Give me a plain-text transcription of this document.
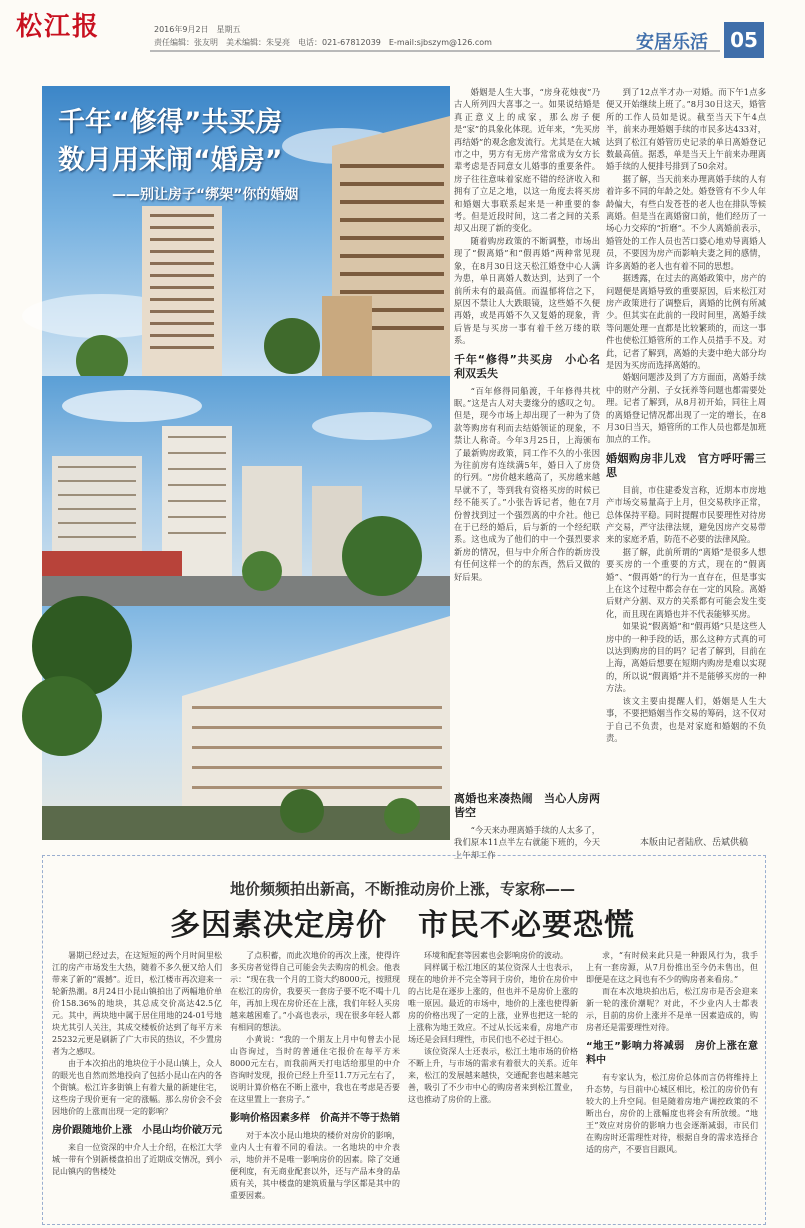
松江报	2016年9月2日　星期五
责任编辑：张友明　美术编辑：朱旻亮　电话：021-67812039　E-mail:sjbszym@126.com	安居乐活	05
千年“修得”共买房
数月用来闹“婚房”
——别让房子“绑架”你的婚姻

婚姻是人生大事，“房身花烛夜”乃古人所列四大喜事之一。如果说结婚是真正意义上的成家，那么房子便是“家”的具象化体现。近年来，“先买房再结婚”的观念愈发流行。尤其是在大城市之中，男方有无房产常常成为女方长辈考虑是否同意女儿婚事的重要条件。房子往往意味着家庭不错的经济收入和拥有了立足之地，以这一角度去将买房和婚姻大事联系起来是一种重要的参考。但是近段时间，这二者之间的关系却又出现了新的变化。

随着购房政策的不断调整，市场出现了“假离婚”和“假再婚”两种常见现象，在8月30日这天松江婚登中心人满为患，单日离婚人数达到，达到了一个前所未有的最高值。而温郁将信之下，原因不禁让人大跌眼镜，这些婚不久便再婚，或是再婚不久又复婚的现象，背后皆是与买房一事有着千丝万缕的联系。

千年“修得”共买房　小心名利双丢失

“百年修得同船渡，千年修得共枕眠。”这是古人对夫妻缘分的感叹之句。但是，现今市场上却出现了一种为了贷款等购房有利而去结婚领证的现象，不禁让人称奇。今年3月25日，上海颁布了最新购房政策，同工作不久的小张因为往前房有连续满5年，婚日入了房贷的行列。“房价越来越高了，买房越来越早就不了，等到我有资格买房的时候已经不能买了。”小张告诉记者，他在7月份曾找到过一个强烈离的中介社。他已在于已经的婚后，后与新的一个经纪联系。这也成为了他们的中一个强烈要求新房的情况，但与中介所合作的新房没有任何这样一个的的东西，然后又做的好后果。

到了12点半才办一对婚。而下午1点多便又开始继续上班了。”8月30日这天，婚管所的工作人员如是说。截至当天下午4点半，前来办理婚姻手续的市民多达433对，达到了松江有婚管历史记录的单日离婚登记数最高值。据悉，单是当天上午前来办理离婚手续的人便排号排到了50余对。

据了解，当天前来办理离婚手续的人有着许多不同的年龄之处。婚登管有不少人年龄偏大，有些白发苍苍的老人也在排队等候离婚。但是当在离婚窗口前，他们经历了一场心力交瘁的“折磨”。不少人离婚前表示，婚管处的工作人员也苦口婆心地劝导离婚人员，不要因为房产而影响夫妻之间的感情，许多离婚的老人也有着不同的思想。

据透露，在过去的离婚政策中，房产的问题便是离婚导致的重要原因，后来松江对房产政策进行了调整后，离婚的比例有所减少。但其实在此前的一段时间里，离婚手续等问题处理一直都是比较繁琐的，而这一事件也使松江婚管所的工作人员措手不及。对此，记者了解到，离婚的夫妻中绝大部分均是因为买房而选择离婚的。

婚姻问题涉及到了方方面面，离婚手续中的财产分割、子女抚养等问题也都需要处理。记者了解到，从8月初开始，同往上周的离婚登记情况都出现了一定的增长，在8月30日当天，婚管所的工作人员也都是加班加点的工作。

婚姻购房非儿戏　官方呼吁需三思

目前，市住建委发言称，近期本市房地产市场交易量高于上月，但交易秩序正常，总体保持平稳。同时提醒市民要理性对待房产交易，严守法律法规，避免因房产交易带来的家庭矛盾，防范不必要的法律风险。

据了解，此前所谓的“离婚”是很多人想要买房的一个重要的方式，现在的“假离婚”、“假再婚”的行为一直存在，但是事实上在这个过程中都会存在一定的风险。离婚后财产分割、双方的关系都有可能会发生变化，而且现在离婚也并不代表能够买房。

如果说“假离婚”和“假再婚”只是这些人房中的一种手段的话，那么这种方式真的可以达到购房的目的吗？记者了解到，目前在上海，离婚后想要在短期内购房是难以实现的，所以说“假离婚”并不是能够买房的一种方法。

该文主要由提醒人们，婚姻是人生大事，不要把婚姻当作交易的筹码，这不仅对于自己不负责，也是对家庭和婚姻的不负责。

离婚也来凑热闹　当心人房两皆空

“今天来办理离婚手续的人太多了，我们原本11点半左右就能下班的，今天上午却工作

本版由记者陆欣、岳斌供稿
地价频频拍出新高，不断推动房价上涨，专家称——
多因素决定房价　市民不必要恐慌

暑期已经过去，在这短短的两个月时间里松江的房产市场发生大热，随着不多久便又给人们带来了新的“震撼”。近日，松江楼市再次迎来一轮新热潮。8月24日小昆山镇拍出了两幅地价单价158.36%的地块，其总成交价高达42.5亿元。其中，两块地中属于居住用地的24-01号地块尤其引人关注，其成交楼板价达到了每平方米25232元更是刷新了广大市民的热议，不少置房者为之感叹。

由于本次拍出的地块位于小昆山镇上，众人的眼光也自然而然地投向了包括小昆山在内的各个街镇。松江许多街镇上有着大量的新建住宅，这些房子现价更有一定的涨幅。那么房价会不会因地价的上涨而出现一定的影响？

房价跟随地价上涨　小昆山均价破万元

来自一位资深的中介人士介绍，在松江大学城一带有个别新楼盘拍出了近期成交情况，到小昆山镇内的售楼处

了点积蓄，而此次地价的再次上涨，使得许多买房者觉得自己可能会失去购房的机会。他表示：“现在我一个月的工资大约8000元，按照现在松江的房价，我要买一套房子要不吃不喝十几年，再加上现在房价还在上涨，我们年轻人买房越来越困难了。”小高也表示，现在很多年轻人都有相同的想法。

小黄说：“我的一个朋友上月中旬曾去小昆山咨询过，当时的普通住宅报价在每平方米8000元左右，而我前两天打电话给那里的中介咨询时发现，报价已经上升至11.7万元左右了，说明计算价格在不断上涨中，我也在考虑是否要在这里置上一套房子。”

影响价格因素多样　价高并不等于热销

对于本次小昆山地块的楼价对房价的影响，业内人士有着不同的看法。一名地块的中介表示，地价并不是唯一影响房价的因素。除了交通便利度，有无商业配套以外，还与产品本身的品质有关，其中楼盘的建筑质量与学区都是其中的重要因素。

环境和配套等因素也会影响房价的波动。

同样属于松江地区的某位资深人士也表示，现在的地价并不完全等同于房价，地价在房价中的占比是在逐步上涨的，但也并不是房价上涨的唯一原因。最近的市场中，地价的上涨也使得新房的价格出现了一定的上涨，业界也把这一轮的上涨称为地王效应。不过从长远来看，房地产市场还是会回归理性，市民们也不必过于担心。

该位资深人士还表示，松江土地市场的价格不断上升，与市场的需求有着很大的关系。近年来，松江的发展越来越快，交通配套也越来越完善，吸引了不少市中心的购房者来到松江置业，这也推动了房价的上涨。

求，“有时候来此只是一种跟风行为，我手上有一套房源，从7月份推出至今仍未售出，但即便是在这之间也有不少的购房者来看房。”

而在本次地块拍出后，松江房市是否会迎来新一轮的涨价潮呢？对此，不少业内人士都表示，目前的房价上涨并不是单一因素造成的，购房者还是需要理性对待。

“地王”影响力将减弱　房价上涨在意料中

有专家认为，松江房价总体而言仍将维持上升态势，与目前中心城区相比，松江的房价仍有较大的上升空间。但是随着房地产调控政策的不断出台，房价的上涨幅度也将会有所放缓。“地王”效应对房价的影响力也会逐渐减弱，市民们在购房时还需理性对待，根据自身的需求选择合适的房产，不要盲目跟风。
